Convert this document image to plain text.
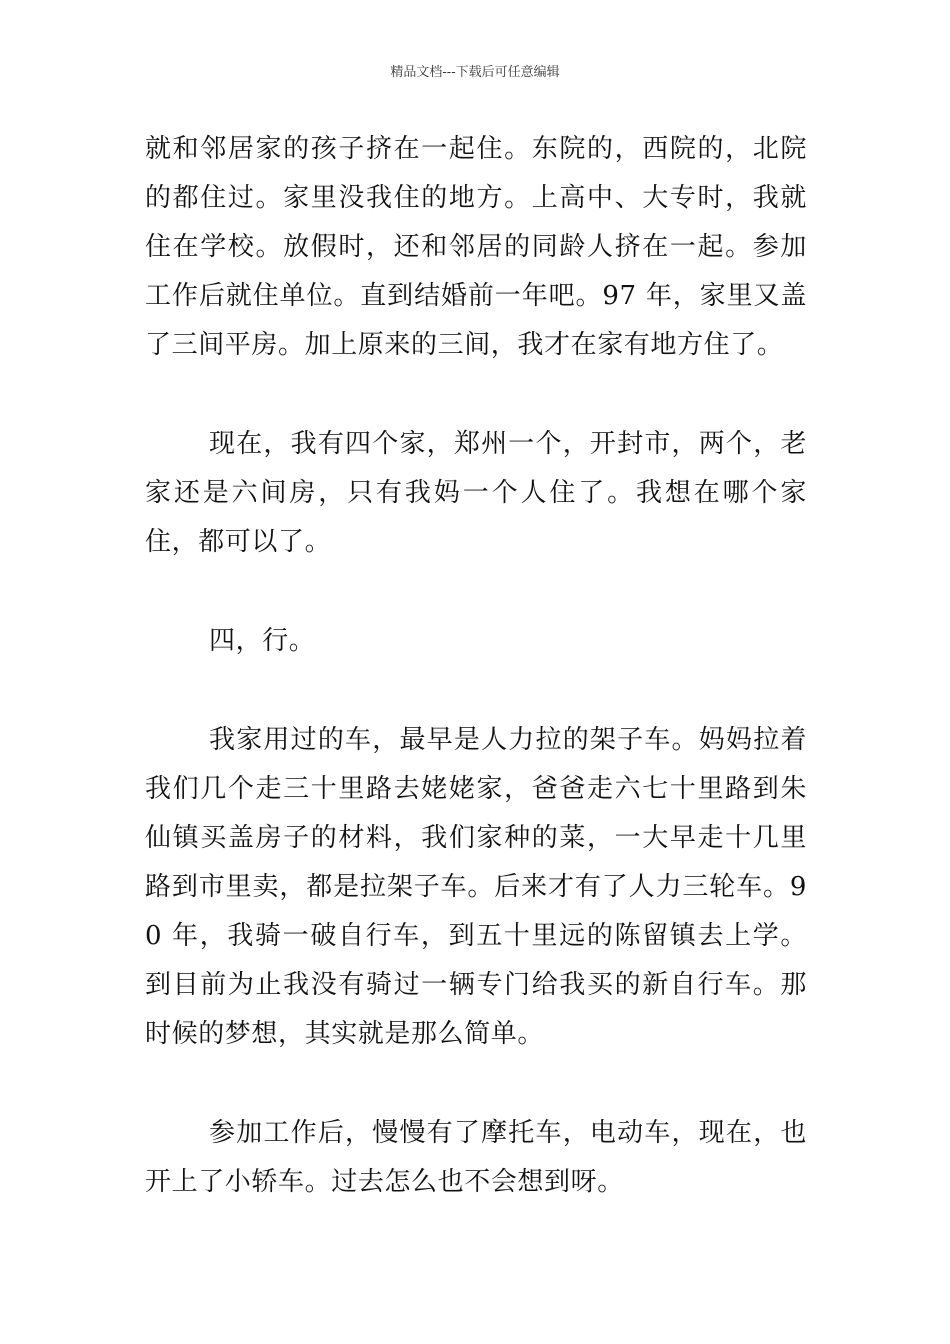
精品文档---下载后可任意编辑

就和邻居家的孩子挤在一起住。东院的，西院的，北院的都住过。家里没我住的地方。上高中、大专时，我就住在学校。放假时，还和邻居的同龄人挤在一起。参加工作后就住单位。直到结婚前一年吧。97 年，家里又盖了三间平房。加上原来的三间，我才在家有地方住了。

现在，我有四个家，郑州一个，开封市，两个，老家还是六间房，只有我妈一个人住了。我想在哪个家住，都可以了。

四，行。

我家用过的车，最早是人力拉的架子车。妈妈拉着我们几个走三十里路去姥姥家，爸爸走六七十里路到朱仙镇买盖房子的材料，我们家种的菜，一大早走十几里路到市里卖，都是拉架子车。后来才有了人力三轮车。90 年，我骑一破自行车，到五十里远的陈留镇去上学。到目前为止我没有骑过一辆专门给我买的新自行车。那时候的梦想，其实就是那么简单。

参加工作后，慢慢有了摩托车，电动车，现在，也开上了小轿车。过去怎么也不会想到呀。
